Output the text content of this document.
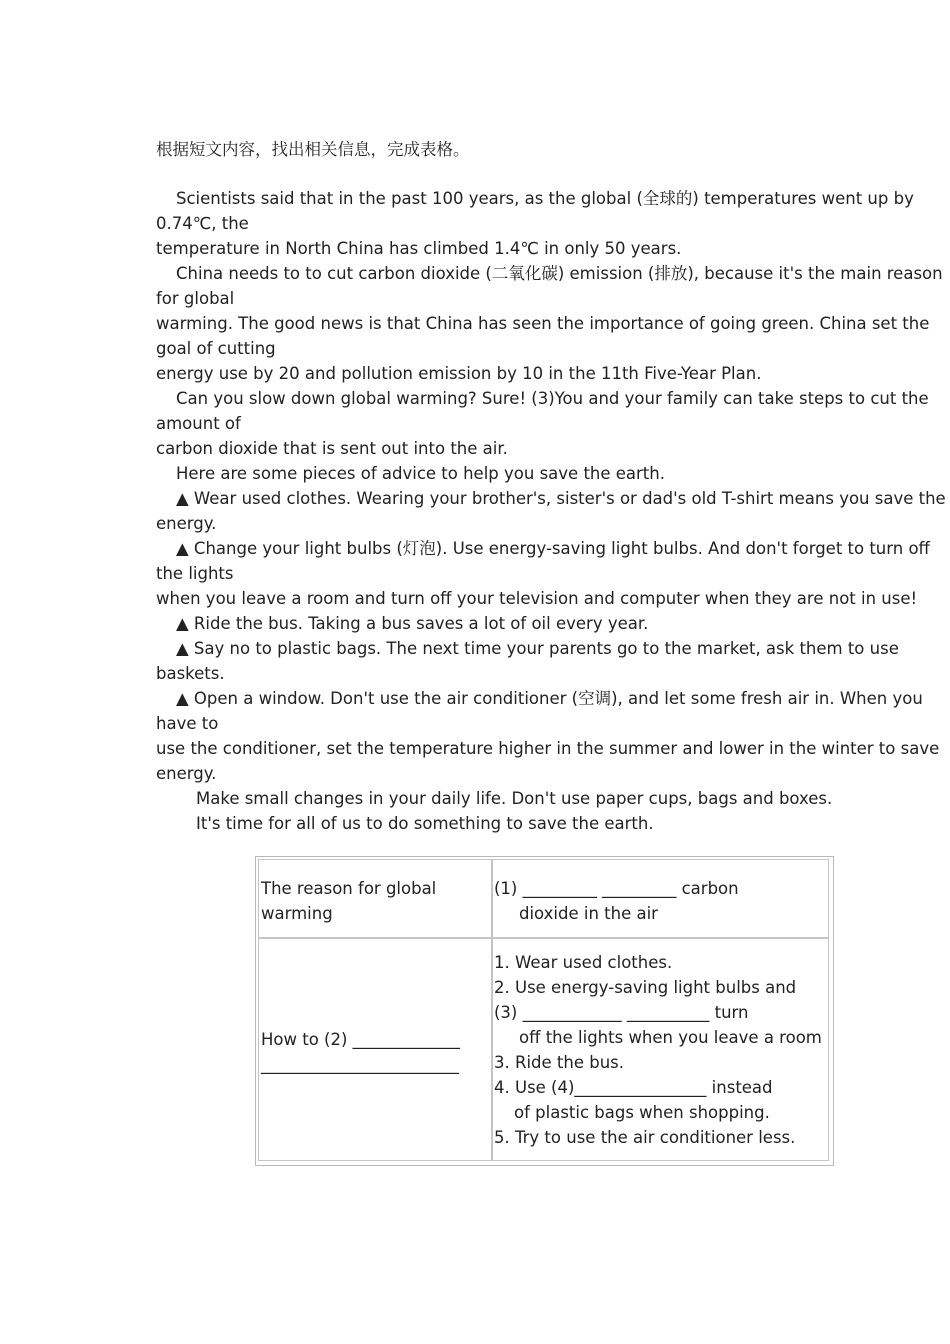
根据短文内容，找出相关信息，完成表格。
Scientists said that in the past 100 years, as the global (全球的) temperatures went up by
0.74℃, the
temperature in North China has climbed 1.4℃ in only 50 years.
China needs to to cut carbon dioxide (二氧化碳) emission (排放), because it's the main reason
for global
warming. The good news is that China has seen the importance of going green. China set the
goal of cutting
energy use by 20 and pollution emission by 10 in the 11th Five-Year Plan.
Can you slow down global warming? Sure! (3)You and your family can take steps to cut the
amount of
carbon dioxide that is sent out into the air.
Here are some pieces of advice to help you save the earth.
▲ Wear used clothes. Wearing your brother's, sister's or dad's old T-shirt means you save the
energy.
▲ Change your light bulbs (灯泡). Use energy-saving light bulbs. And don't forget to turn off
the lights
when you leave a room and turn off your television and computer when they are not in use!
▲ Ride the bus. Taking a bus saves a lot of oil every year.
▲ Say no to plastic bags. The next time your parents go to the market, ask them to use
baskets.
▲ Open a window. Don't use the air conditioner (空调), and let some fresh air in. When you
have to
use the conditioner, set the temperature higher in the summer and lower in the winter to save
energy.
Make small changes in your daily life. Don't use paper cups, bags and boxes.
It's time for all of us to do something to save the earth.
The reason for global
warming
(1) _________ _________ carbon
dioxide in the air
How to (2) _____________
________________________
1. Wear used clothes.
2. Use energy-saving light bulbs and
(3) ____________ __________ turn
off the lights when you leave a room
3. Ride the bus.
4. Use (4)________________ instead
of plastic bags when shopping.
5. Try to use the air conditioner less.
